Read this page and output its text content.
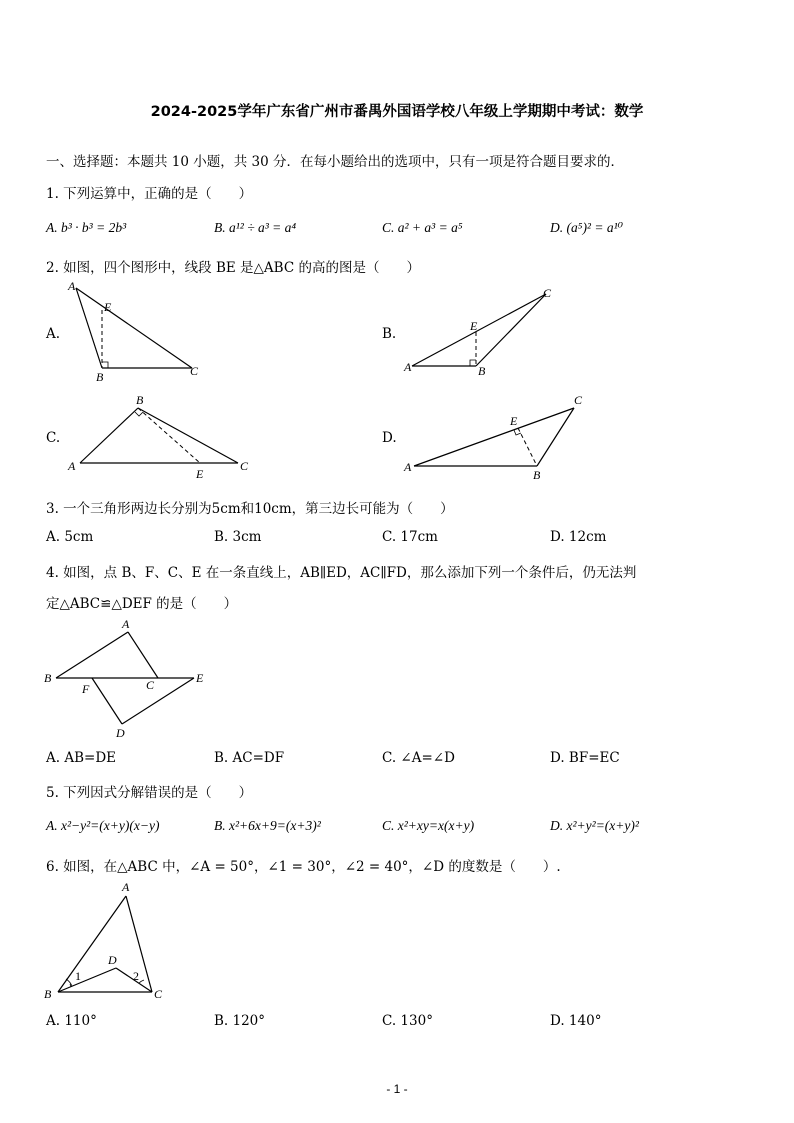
2024-2025学年广东省广州市番禺外国语学校八年级上学期期中考试：数学
一、选择题：本题共 10 小题，共 30 分．在每小题给出的选项中，只有一项是符合题目要求的．
1. 下列运算中，正确的是（　　）
A. b³ · b³ = 2b³	B. a¹² ÷ a³ = a⁴	C. a² + a³ = a⁵	D. (a⁵)² = a¹⁰
2. 如图，四个图形中，线段 BE 是△ABC 的高的图是（　　）
A.
A
E
B	C
B.
A
E
B
C
C.
A
B
E
C
D.
A
E
B
C
3. 一个三角形两边长分别为5cm和10cm，第三边长可能为（　　）
A. 5cm	B. 3cm	C. 17cm	D. 12cm
4. 如图，点 B、F、C、E 在一条直线上，AB∥ED，AC∥FD，那么添加下列一个条件后，仍无法判
定△ABC≌△DEF 的是（　　）
A
B
F	C	E
D
A. AB=DE	B. AC=DF	C. ∠A=∠D	D. BF=EC
5. 下列因式分解错误的是（　　）
A. x²−y²=(x+y)(x−y)	B. x²+6x+9=(x+3)²	C. x²+xy=x(x+y)	D. x²+y²=(x+y)²
6. 如图，在△ABC 中，∠A = 50°，∠1 = 30°，∠2 = 40°，∠D 的度数是（　　）.
A
D
1	2
B	C
A. 110°	B. 120°	C. 130°	D. 140°
- 1 -
